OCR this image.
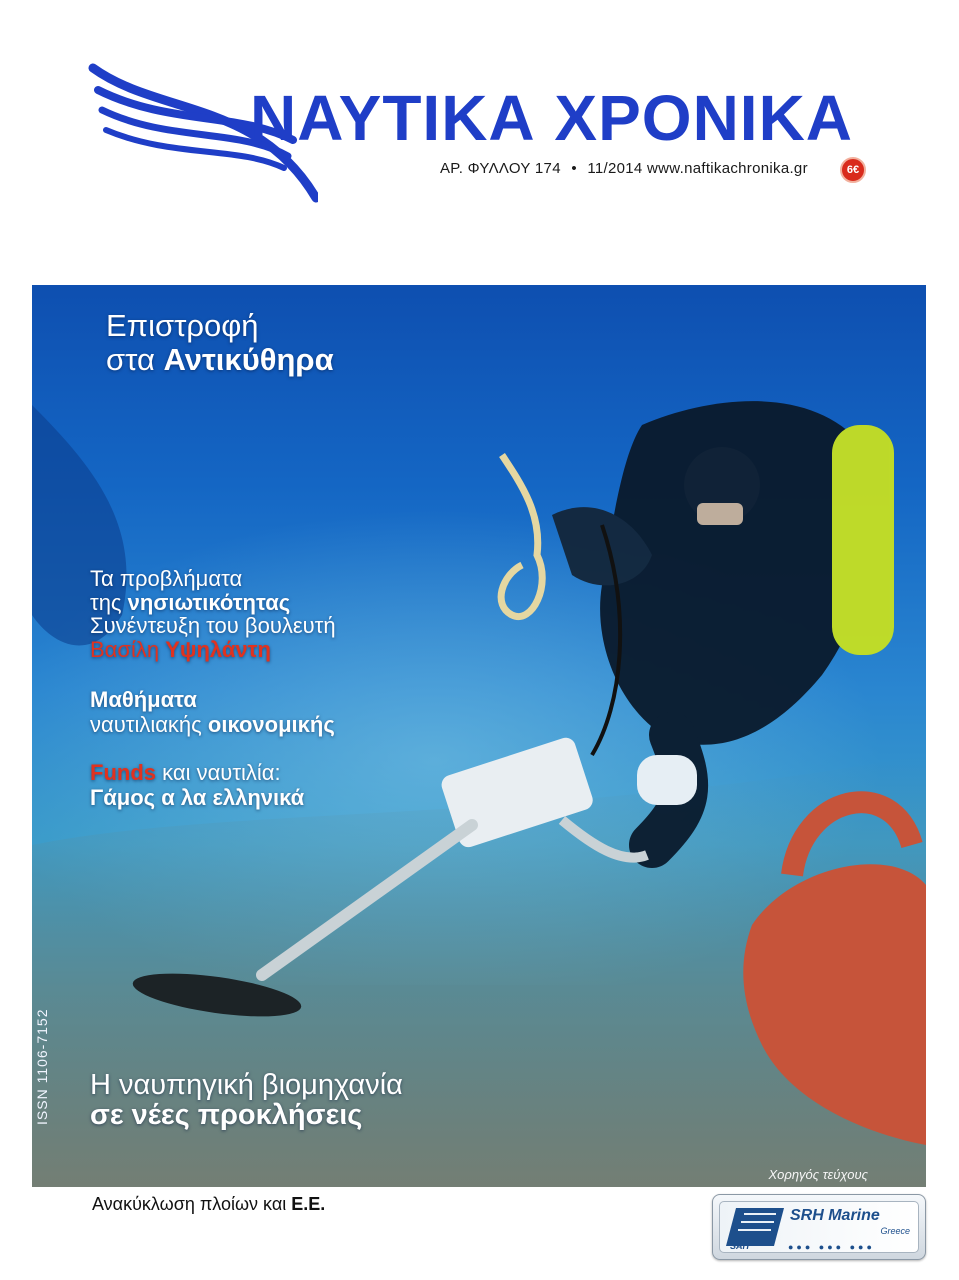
ΝΑΥΤΙΚΑ ΧΡΟΝΙΚΑ
ΑΡ. ΦΥΛΛΟΥ 174 • 11/2014 www.naftikachronika.gr	6€
Επιστροφή
στα Αντικύθηρα
Τα προβλήματα
της νησιωτικότητας
Συνέντευξη του βουλευτή
Βασίλη Υψηλάντη
Μαθήματα
ναυτιλιακής οικονομικής
Funds και ναυτιλία:
Γάμος α λα ελληνικά
Η ναυπηγική βιομηχανία
σε νέες προκλήσεις
ISSN 1106-7152
Χορηγός τεύχους
Ανακύκλωση πλοίων και Ε.Ε.
SRH Marine
Greece
SAIT	●●● ●●● ●●●
